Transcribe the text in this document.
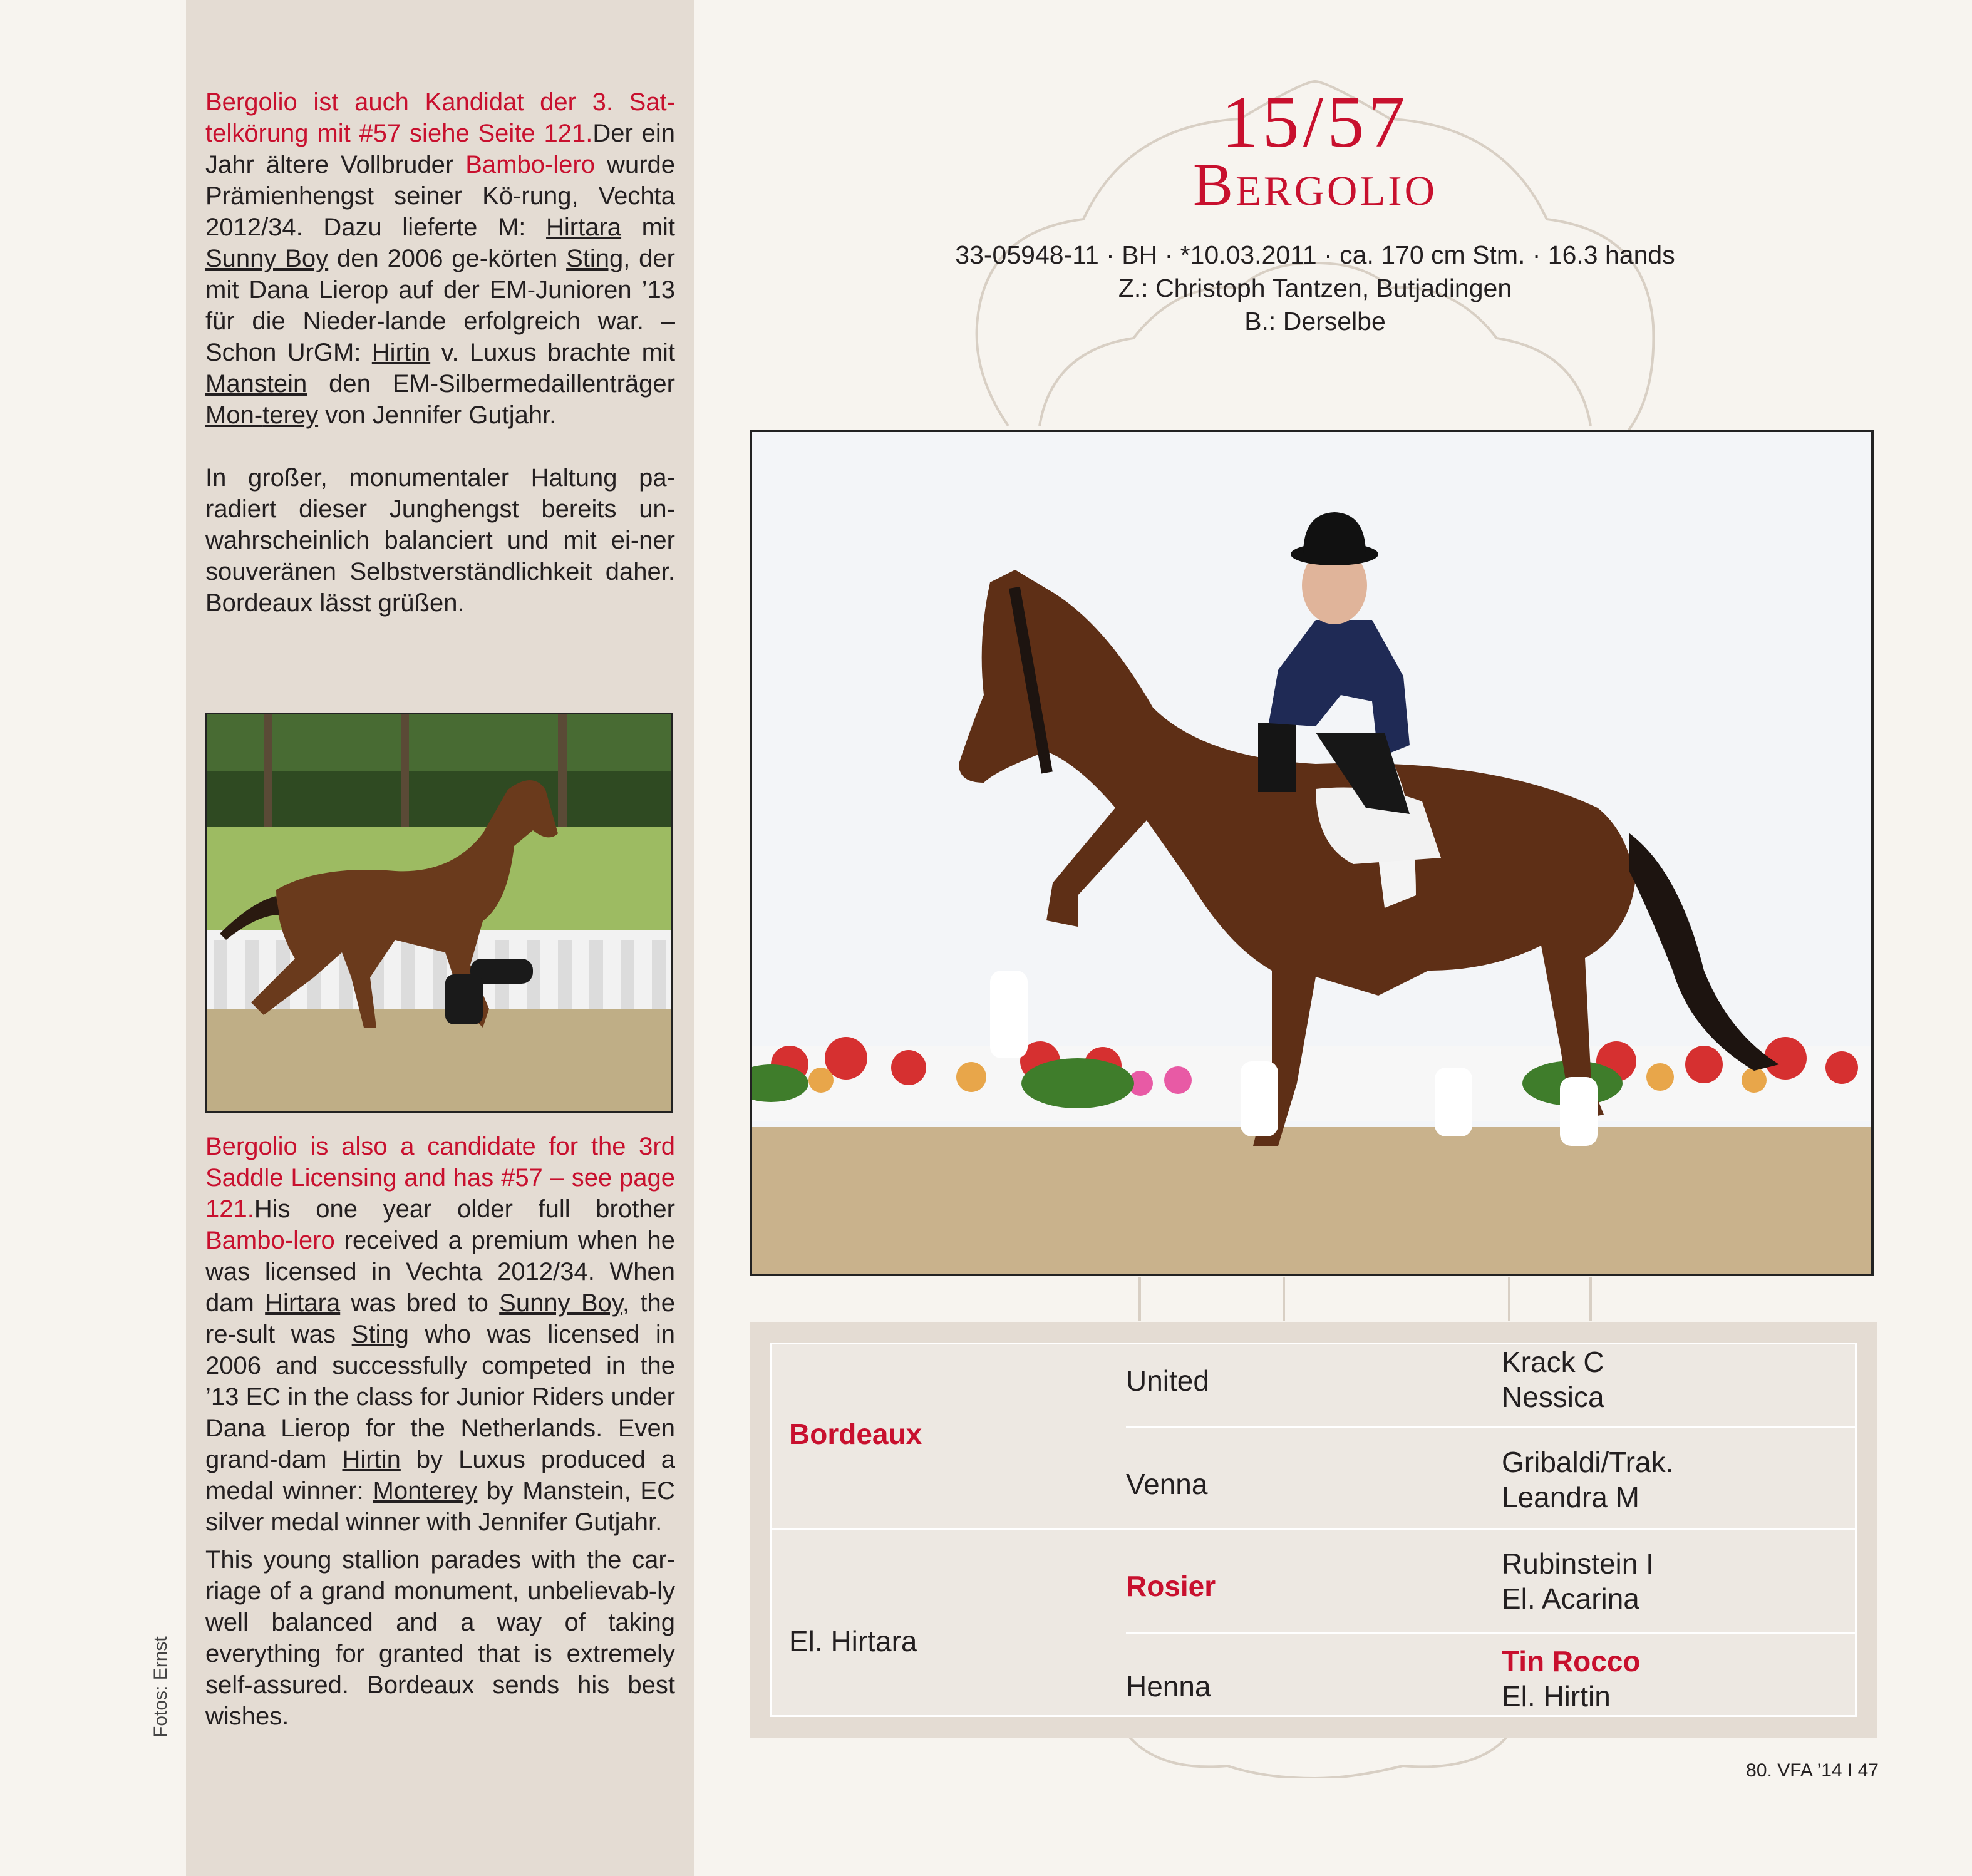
Bergolio ist auch Kandidat der 3. Sat-telkörung mit #57 siehe Seite 121.Der ein Jahr ältere Vollbruder Bambo-lero wurde Prämienhengst seiner Kö-rung, Vechta 2012/34. Dazu lieferte M: Hirtara mit Sunny Boy den 2006 ge-körten Sting, der mit Dana Lierop auf der EM-Junioren ’13 für die Nieder-lande erfolgreich war. – Schon UrGM: Hirtin v. Luxus brachte mit Manstein den EM-Silbermedaillenträger Mon-terey von Jennifer Gutjahr.

In großer, monumentaler Haltung pa-radiert dieser Junghengst bereits un-wahrscheinlich balanciert und mit ei-ner souveränen Selbstverständlichkeit daher. Bordeaux lässt grüßen.

Bergolio is also a candidate for the 3rd Saddle Licensing and has #57 – see page 121.His one year older full brother Bambo-lero received a premium when he was licensed in Vechta 2012/34. When dam Hirtara was bred to Sunny Boy, the re-sult was Sting who was licensed in 2006 and successfully competed in the ’13 EC in the class for Junior Riders under Dana Lierop for the Netherlands. Even grand-dam Hirtin by Luxus produced a medal winner: Monterey by Manstein, EC silver medal winner with Jennifer Gutjahr.

This young stallion parades with the car-riage of a grand monument, unbelievab-ly well balanced and a way of taking everything for granted that is extremely self-assured. Bordeaux sends his best wishes.

Fotos: Ernst
15/57
Bergolio
33-05948-11 · BH · *10.03.2011 · ca. 170 cm Stm. · 16.3 hands
Z.: Christoph Tantzen, Butjadingen
B.: Derselbe
Bordeaux
El. Hirtara
United
Venna
Rosier
Henna
Krack C
Nessica
Gribaldi/Trak.
Leandra M
Rubinstein I
El. Acarina
Tin Rocco
El. Hirtin
80. VFA ’14 I 47
